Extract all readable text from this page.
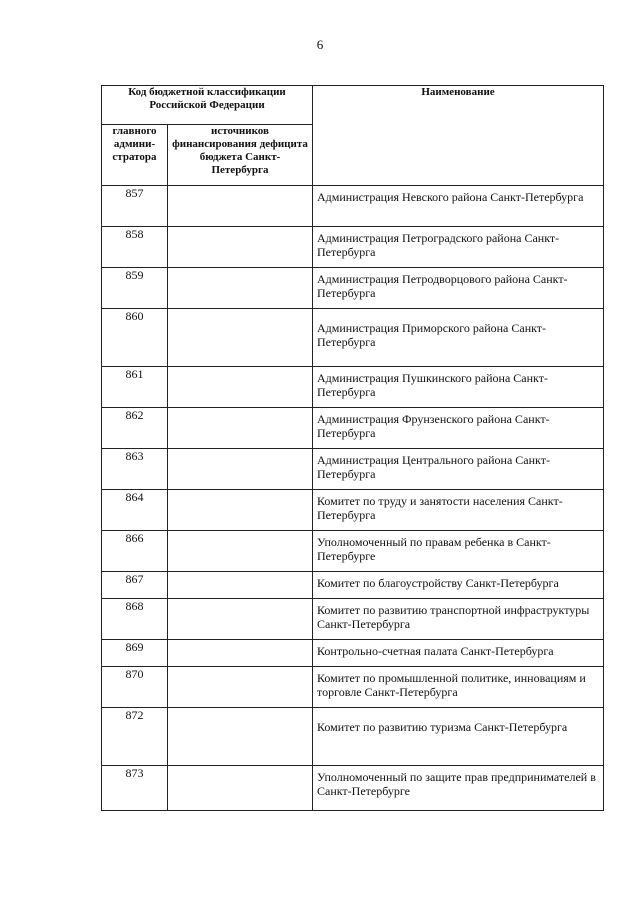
6
Код бюджетной классификации Российской Федерации		Наименование
главного админи-стратора	источников финансирования дефицита бюджета Санкт-Петербурга	
857		Администрация Невского района Санкт-Петербурга
858		Администрация Петроградского района Санкт-Петербурга
859		Администрация Петродворцового района Санкт-Петербурга
860		Администрация Приморского района Санкт-Петербурга
861		Администрация Пушкинского района Санкт-Петербурга
862		Администрация Фрунзенского района Санкт-Петербурга
863		Администрация Центрального района Санкт-Петербурга
864		Комитет по труду и занятости населения Санкт-Петербурга
866		Уполномоченный по правам ребенка в Санкт-Петербурге
867		Комитет по благоустройству Санкт-Петербурга
868		Комитет по развитию транспортной инфраструктуры Санкт-Петербурга
869		Контрольно-счетная палата Санкт-Петербурга
870		Комитет по промышленной политике, инновациям и торговле Санкт-Петербурга
872		Комитет по развитию туризма Санкт-Петербурга
873		Уполномоченный по защите прав предпринимателей в Санкт-Петербурге
